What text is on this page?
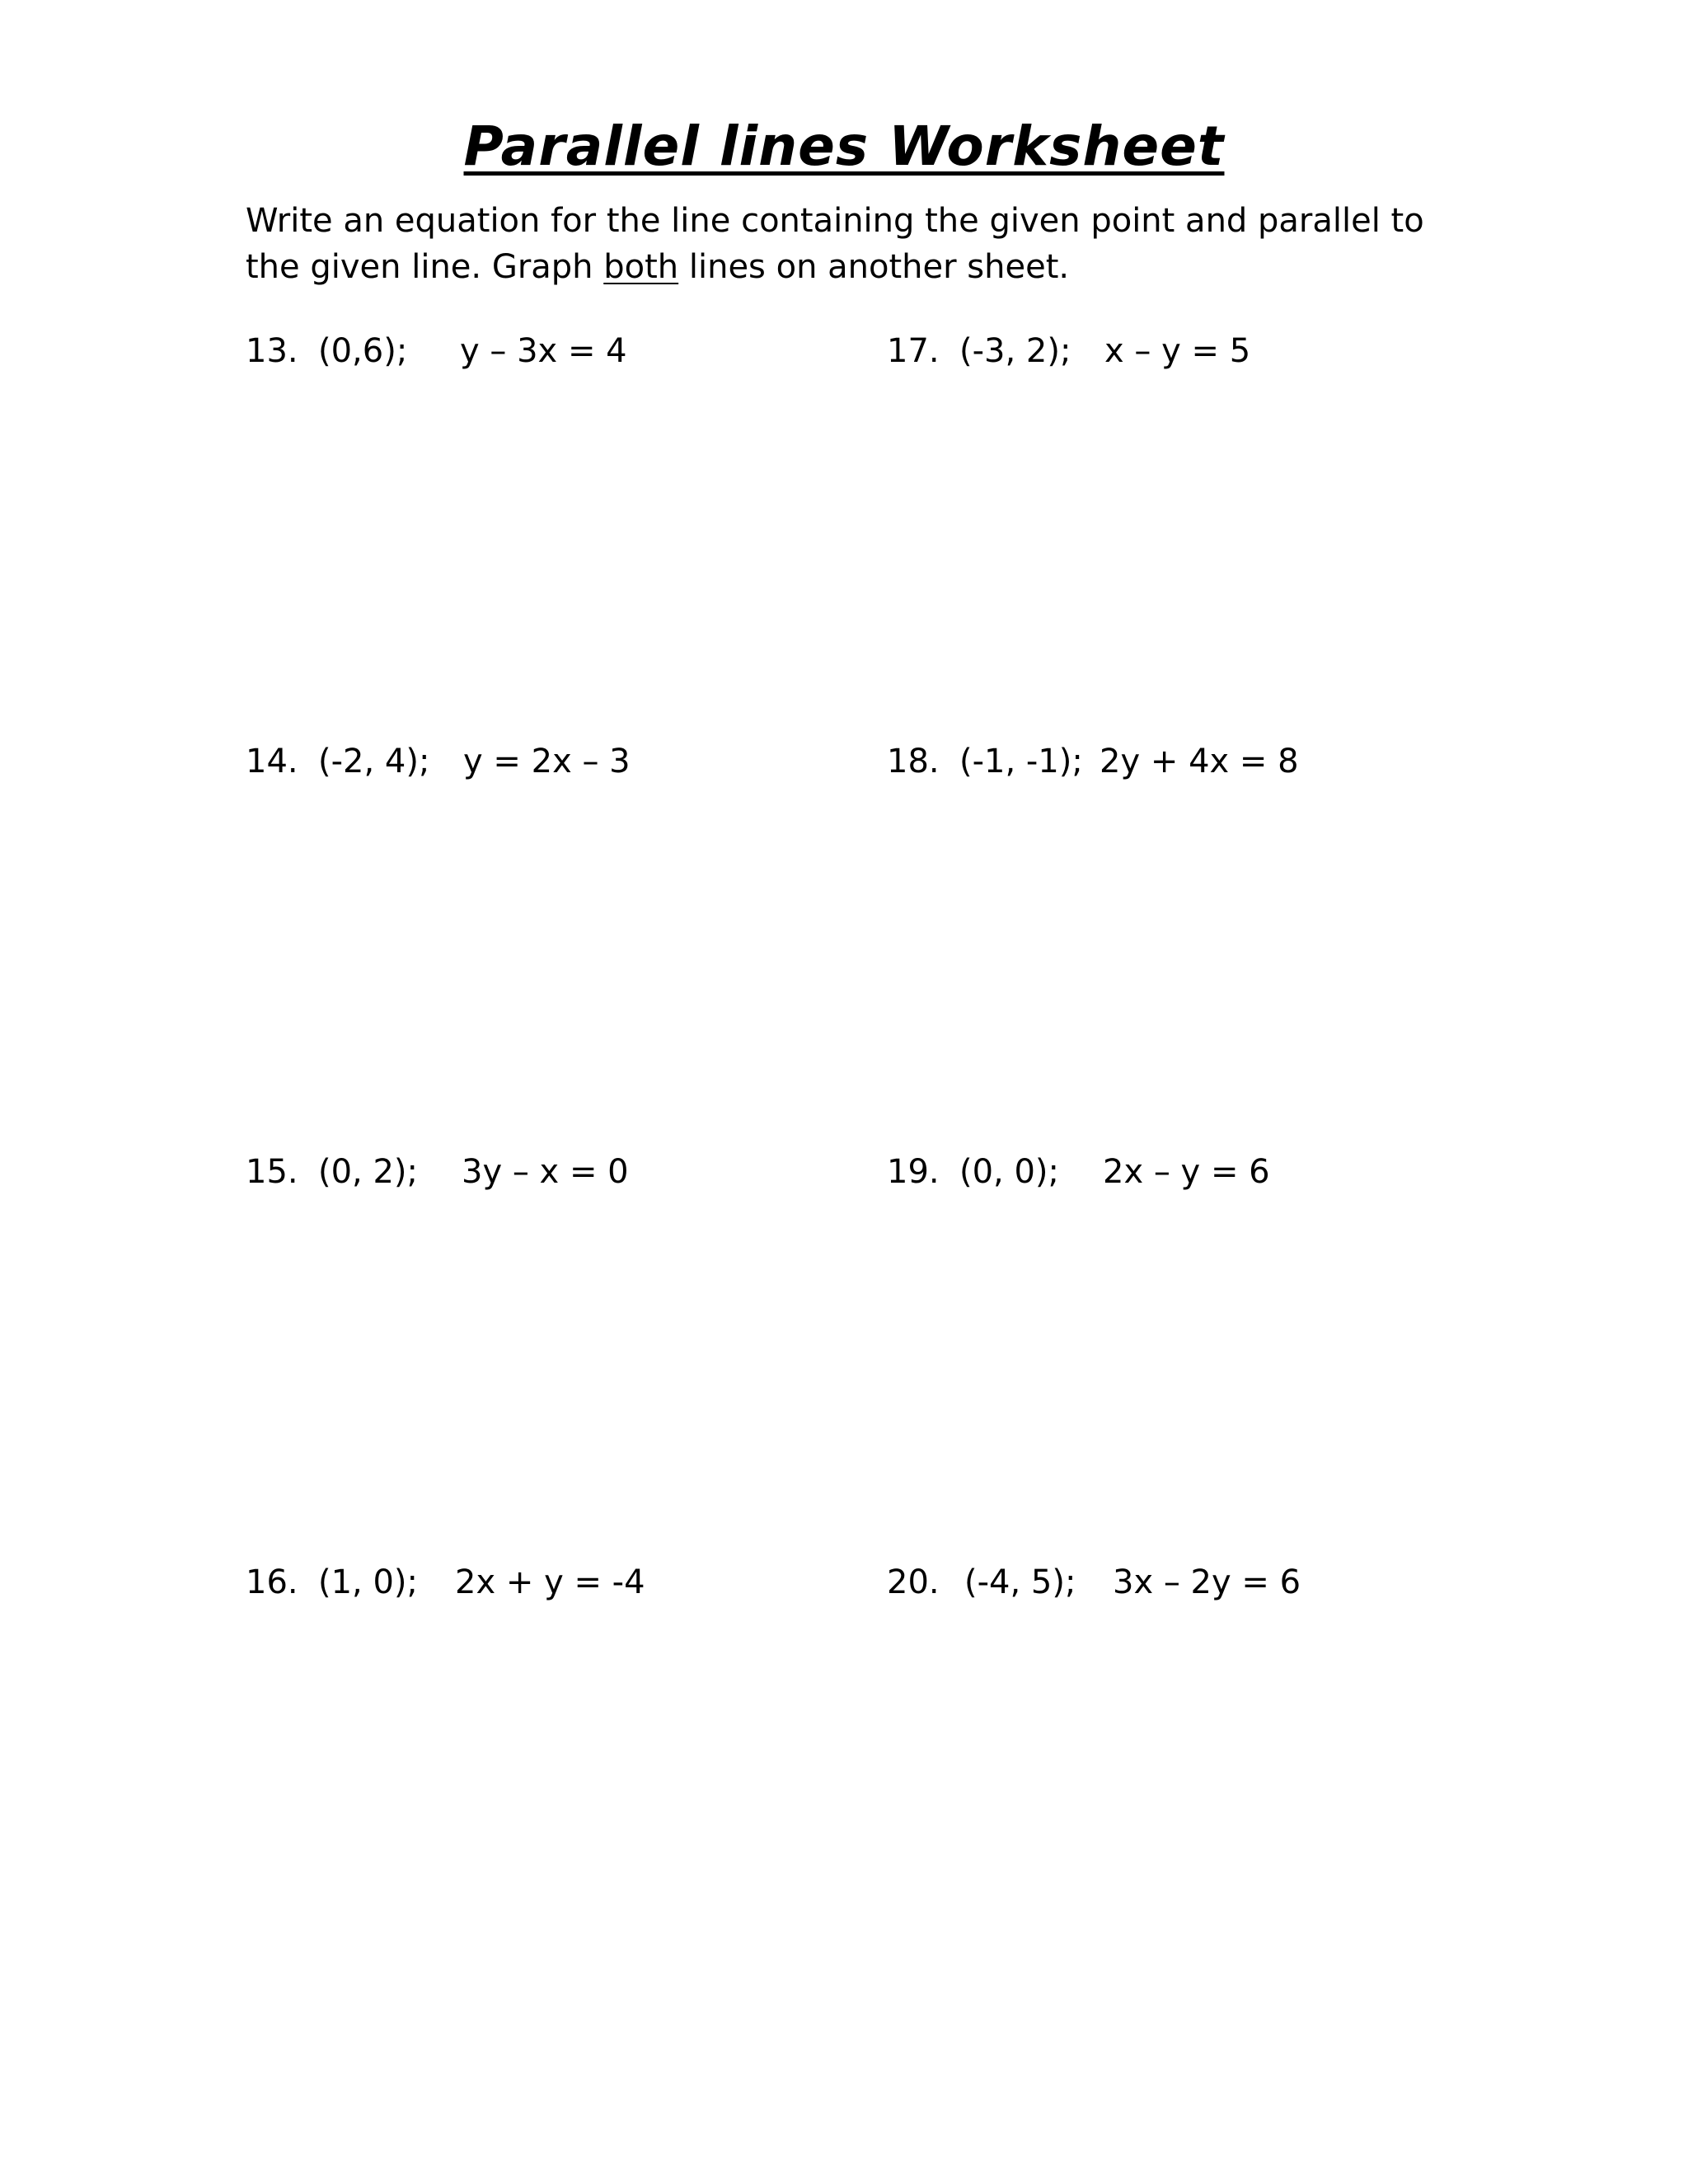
Parallel lines Worksheet
Write an equation for the line containing the given point and parallel to the given line. Graph both lines on another sheet.
13. (0,6); y – 3x = 4
14. (-2, 4); y = 2x – 3
15. (0, 2); 3y – x = 0
16. (1, 0); 2x + y = -4
17. (-3, 2); x – y = 5
18. (-1, -1); 2y + 4x = 8
19. (0, 0); 2x – y = 6
20. (-4, 5); 3x – 2y = 6
